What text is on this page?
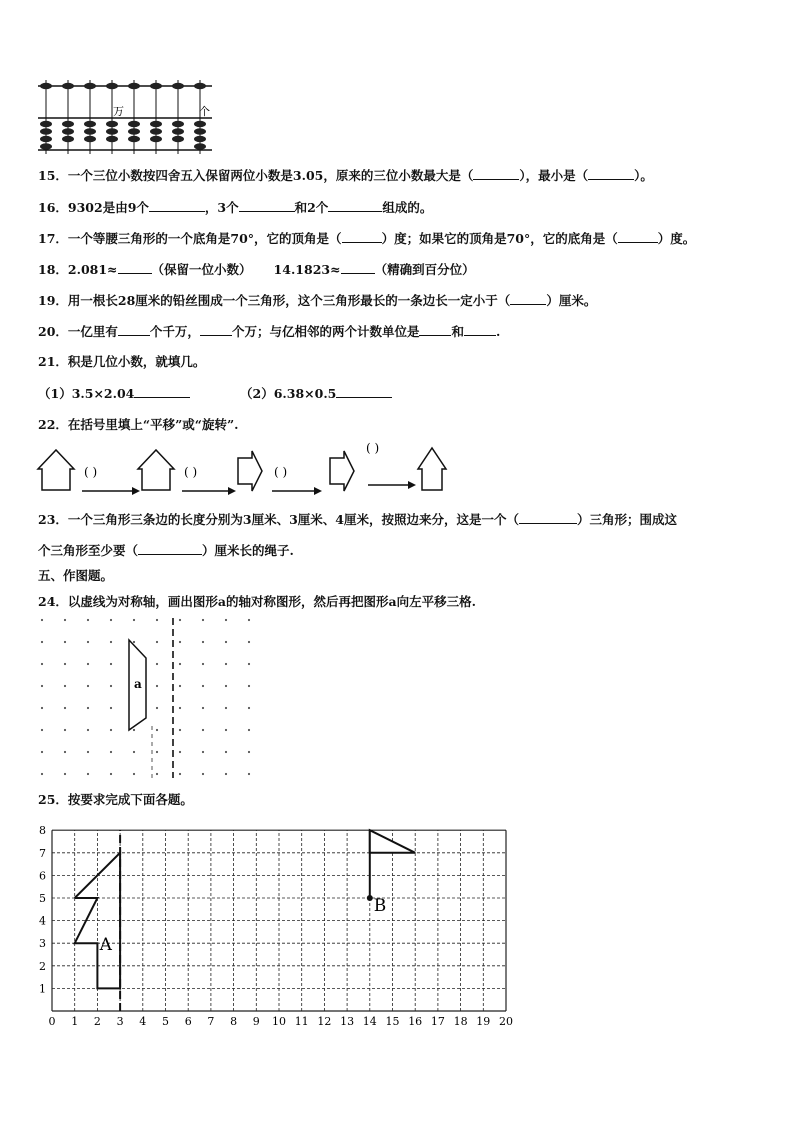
万	个
15．一个三位小数按四舍五入保留两位小数是3.05，原来的三位小数最大是（	），最小是（	）。
16．9302是由9个	，3个	和2个	组成的。
17．一个等腰三角形的一个底角是70°，它的顶角是（	）度；如果它的顶角是70°，它的底角是（	）度。
18．2.081≈	（保留一位小数） 14.1823≈	（精确到百分位）
19．用一根长28厘米的铅丝围成一个三角形，这个三角形最长的一条边长一定小于（	）厘米。
20．一亿里有	个千万，	个万；与亿相邻的两个计数单位是	和	.
21．积是几位小数，就填几。
（1）3.5×2.04	（2）6.38×0.5
22．在括号里填上“平移”或“旋转”.
( )	( )	( )
( )
23．一个三角形三条边的长度分别为3厘米、3厘米、4厘米，按照边来分，这是一个（	）三角形；围成这
个三角形至少要（	）厘米长的绳子.
五、作图题。
24．以虚线为对称轴，画出图形a的轴对称图形，然后再把图形a向左平移三格.
a
25．按要求完成下面各题。
0 1 2 3 4 5 6 7 8 9 10 11 12 13 14 15 16 17 18 19 20
1
2
3
4
5
6
7
8
A
B
